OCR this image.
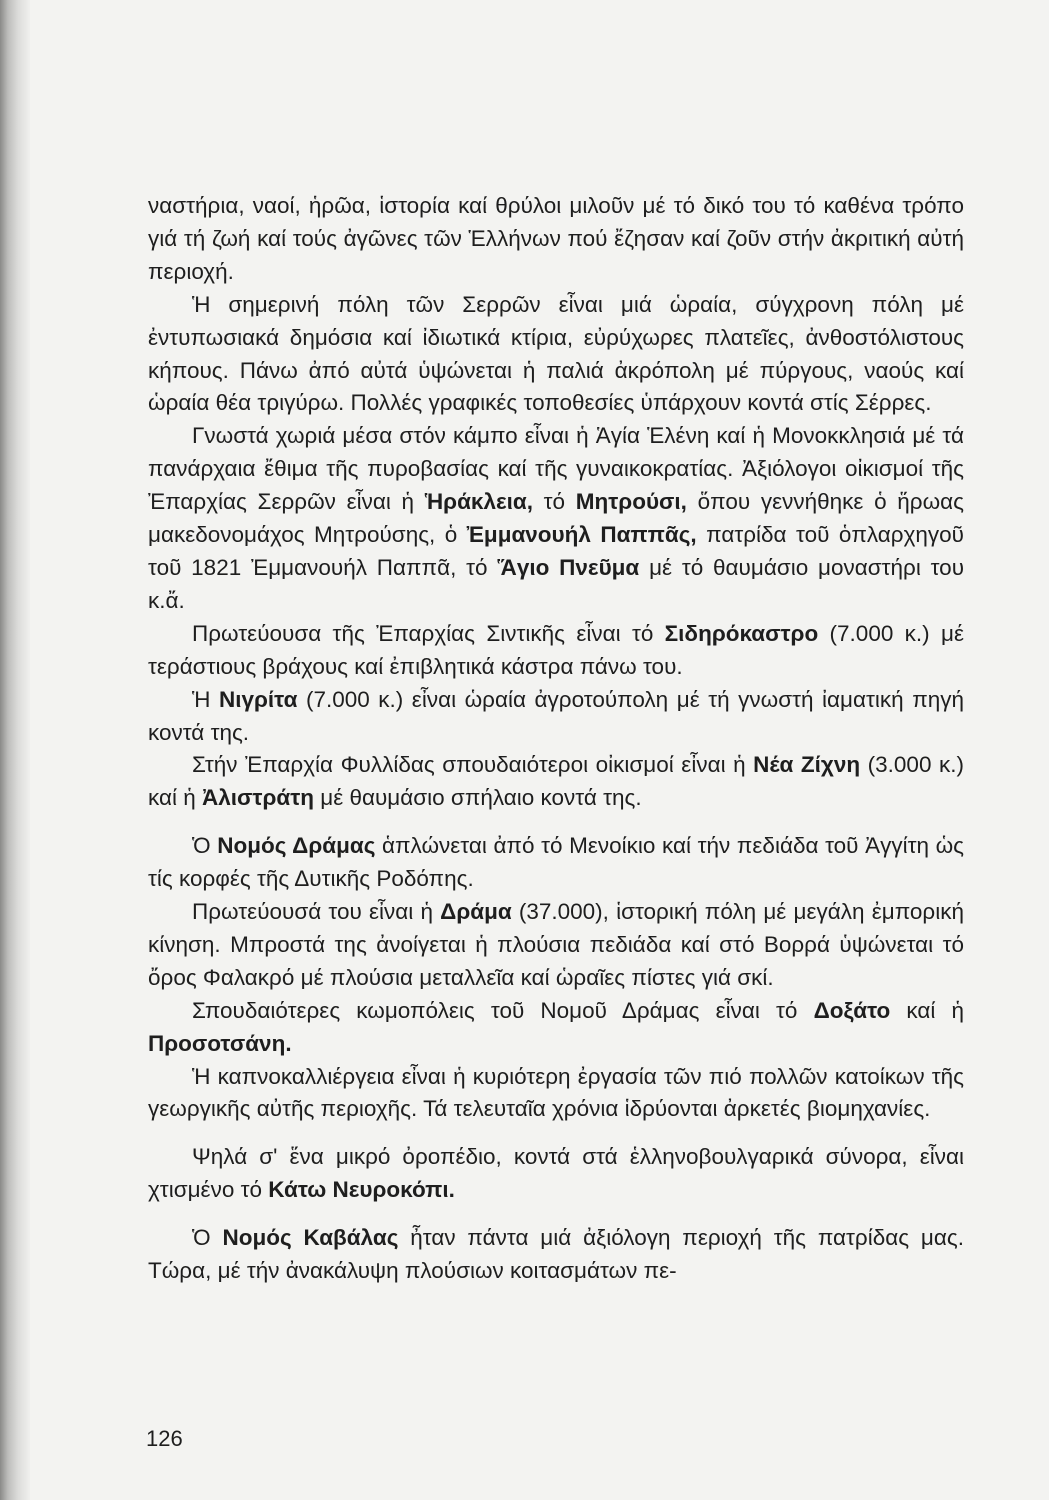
ναστήρια, ναοί, ἡρῶα, ἱστορία καί θρύλοι μιλοῦν μέ τό δικό του τό καθένα τρόπο γιά τή ζωή καί τούς ἀγῶνες τῶν Ἑλλήνων πού ἔζησαν καί ζοῦν στήν ἀκριτική αὐτή περιοχή.

Ἡ σημερινή πόλη τῶν Σερρῶν εἶναι μιά ὡραία, σύγχρονη πόλη μέ ἐντυπωσιακά δημόσια καί ἰδιωτικά κτίρια, εὐρύχωρες πλατεῖες, ἀνθοστόλιστους κήπους. Πάνω ἀπό αὐτά ὑψώνεται ἡ παλιά ἀκρόπολη μέ πύργους, ναούς καί ὡραία θέα τριγύρω. Πολλές γραφικές τοποθεσίες ὑπάρχουν κοντά στίς Σέρρες.

Γνωστά χωριά μέσα στόν κάμπο εἶναι ἡ Ἁγία Ἑλένη καί ἡ Μονοκκλησιά μέ τά πανάρχαια ἔθιμα τῆς πυροβασίας καί τῆς γυναικοκρατίας. Ἀξιόλογοι οἰκισμοί τῆς Ἐπαρχίας Σερρῶν εἶναι ἡ Ἡράκλεια, τό Μητρούσι, ὅπου γεννήθηκε ὁ ἥρωας μακεδονομάχος Μητρούσης, ὁ Ἐμμανουήλ Παππᾶς, πατρίδα τοῦ ὁπλαρχηγοῦ τοῦ 1821 Ἐμμανουήλ Παππᾶ, τό Ἅγιο Πνεῦμα μέ τό θαυμάσιο μοναστήρι του κ.ἄ.

Πρωτεύουσα τῆς Ἐπαρχίας Σιντικῆς εἶναι τό Σιδηρόκαστρο (7.000 κ.) μέ τεράστιους βράχους καί ἐπιβλητικά κάστρα πάνω του.

Ἡ Νιγρίτα (7.000 κ.) εἶναι ὡραία ἀγροτούπολη μέ τή γνωστή ἰαματική πηγή κοντά της.

Στήν Ἐπαρχία Φυλλίδας σπουδαιότεροι οἰκισμοί εἶναι ἡ Νέα Ζίχνη (3.000 κ.) καί ἡ Ἀλιστράτη μέ θαυμάσιο σπήλαιο κοντά της.

Ὁ Νομός Δράμας ἁπλώνεται ἀπό τό Μενοίκιο καί τήν πεδιάδα τοῦ Ἀγγίτη ὡς τίς κορφές τῆς Δυτικῆς Ροδόπης.

Πρωτεύουσά του εἶναι ἡ Δράμα (37.000), ἱστορική πόλη μέ μεγάλη ἐμπορική κίνηση. Μπροστά της ἀνοίγεται ἡ πλούσια πεδιάδα καί στό Βορρά ὑψώνεται τό ὄρος Φαλακρό μέ πλούσια μεταλλεῖα καί ὡραῖες πίστες γιά σκί.

Σπουδαιότερες κωμοπόλεις τοῦ Νομοῦ Δράμας εἶναι τό Δοξάτο καί ἡ Προσοτσάνη.

Ἡ καπνοκαλλιέργεια εἶναι ἡ κυριότερη ἐργασία τῶν πιό πολλῶν κατοίκων τῆς γεωργικῆς αὐτῆς περιοχῆς. Τά τελευταῖα χρόνια ἱδρύονται ἀρκετές βιομηχανίες.

Ψηλά σ' ἕνα μικρό ὀροπέδιο, κοντά στά ἑλληνοβουλγαρικά σύνορα, εἶναι χτισμένο τό Κάτω Νευροκόπι.

Ὁ Νομός Καβάλας ἦταν πάντα μιά ἀξιόλογη περιοχή τῆς πατρίδας μας. Τώρα, μέ τήν ἀνακάλυψη πλούσιων κοιτασμάτων πε-

126
